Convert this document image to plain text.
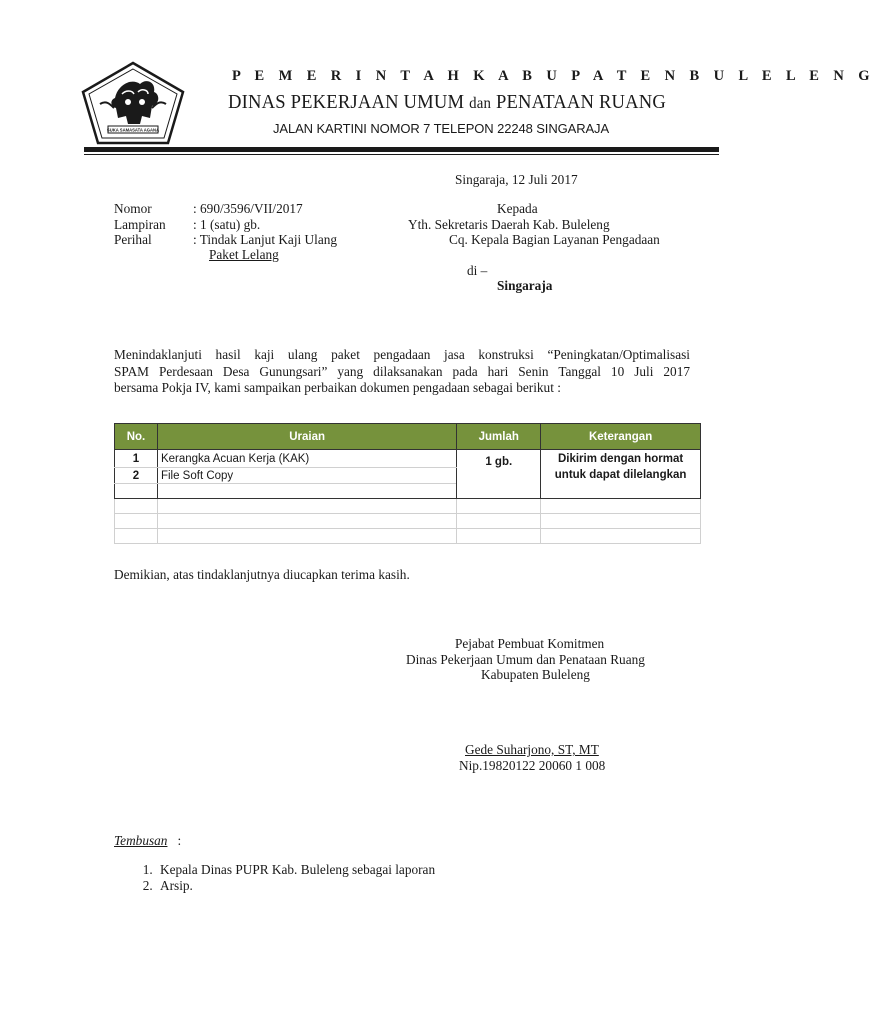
SUKA SAMASATA AGANA
P E M E R I N T A H K A B U P A T E N B U L E L E N G
DINAS PEKERJAAN UMUM dan PENATAAN RUANG
JALAN KARTINI NOMOR 7 TELEPON 22248 SINGARAJA
Singaraja, 12 Juli 2017
Nomor	: 690/3596/VII/2017
Lampiran : 1 (satu) gb.
Perihal	: Tindak Lanjut Kaji Ulang
Paket Lelang
Kepada
Yth. Sekretaris Daerah Kab. Buleleng
Cq. Kepala Bagian Layanan Pengadaan
di –
Singaraja
Menindaklanjuti hasil kaji ulang paket pengadaan jasa konstruksi “Peningkatan/Optimalisasi
SPAM Perdesaan Desa Gunungsari” yang dilaksanakan pada hari Senin Tanggal 10 Juli 2017
bersama Pokja IV, kami sampaikan perbaikan dokumen pengadaan sebagai berikut :
No.	Uraian	Jumlah	Keterangan
1	Kerangka Acuan Kerja (KAK)	1 gb.	Dikirim dengan hormat
untuk dapat dilelangkan

2	File Soft Copy		

Demikian, atas tindaklanjutnya diucapkan terima kasih.
Pejabat Pembuat Komitmen
Dinas Pekerjaan Umum dan Penataan Ruang
Kabupaten Buleleng
Gede Suharjono, ST, MT
Nip.19820122 20060 1 008
Tembusan :
1. Kepala Dinas PUPR Kab. Buleleng sebagai laporan
2. Arsip.
